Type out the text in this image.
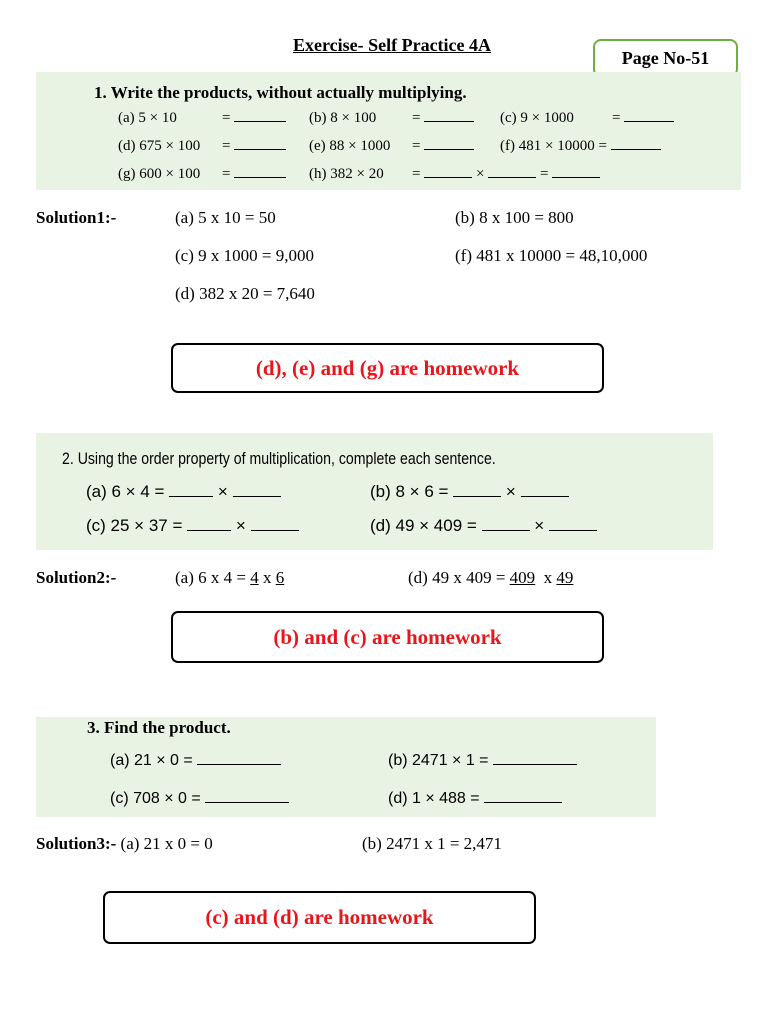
Exercise- Self Practice 4A
Page No-51
1. Write the products, without actually multiplying.
(a) 5 × 10	=	(b) 8 × 100 =	(c) 9 × 1000	=
(d) 675 × 100 =	(e) 88 × 1000 =	(f) 481 × 10000 =
(g) 600 × 100 =	(h) 382 × 20 =	×	=
Solution1:-	(a) 5 x 10 = 50	(b) 8 x 100 = 800
(c) 9 x 1000 = 9,000	(f) 481 x 10000 = 48,10,000
(d) 382 x 20 = 7,640
(d), (e) and (g) are homework
2. Using the order property of multiplication, complete each sentence.
(a) 6 × 4 =	×	(b) 8 × 6 =	×
(c) 25 × 37 =	×	(d) 49 × 409 =	×
Solution2:-	(a) 6 x 4 = 4 x 6	(d) 49 x 409 = 409  x 49
(b) and (c) are homework
3. Find the product.
(a) 21 × 0 =	(b) 2471 × 1 =
(c) 708 × 0 =	(d) 1 × 488 =
Solution3:- (a) 21 x 0 = 0	(b) 2471 x 1 = 2,471
(c) and (d) are homework
